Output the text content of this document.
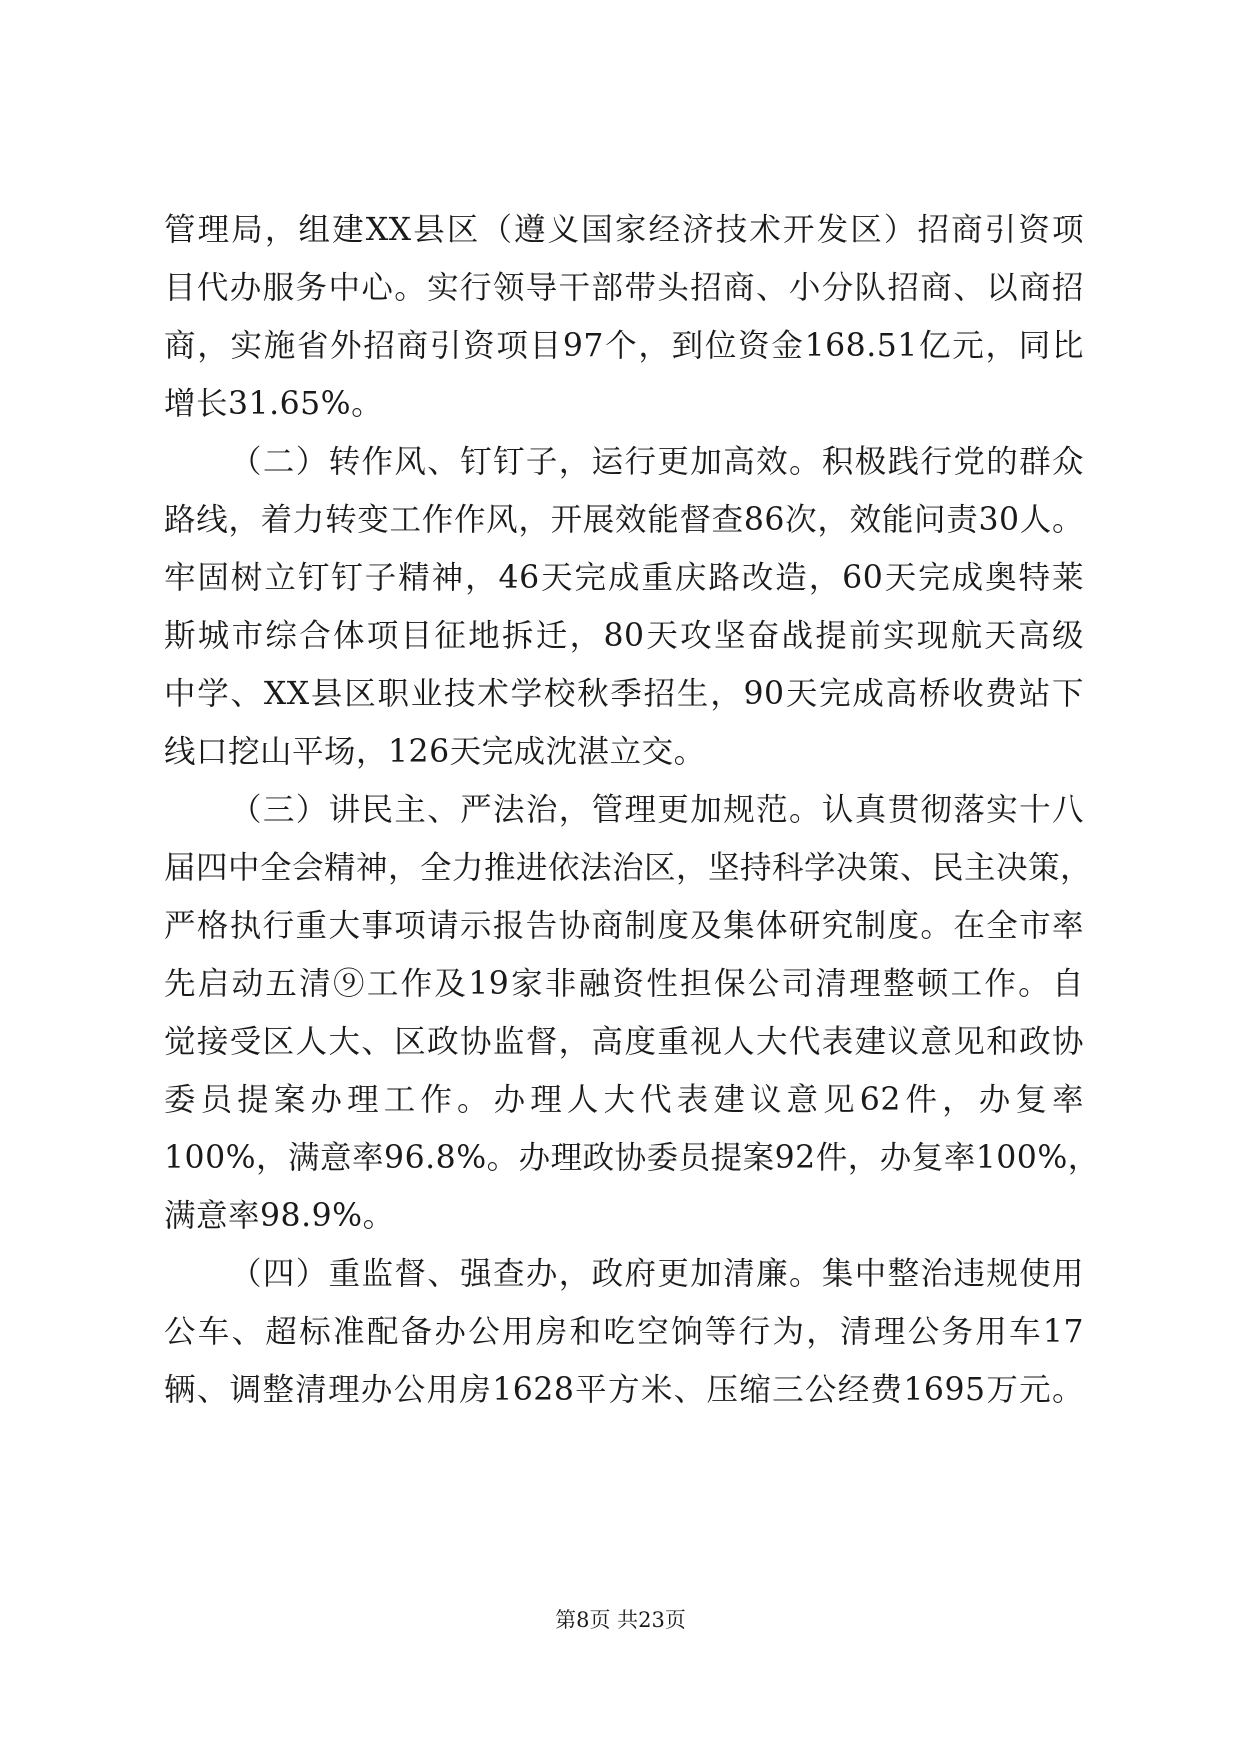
管理局，组建XX县区（遵义国家经济技术开发区）招商引资项
目代办服务中心。实行领导干部带头招商、小分队招商、以商招
商，实施省外招商引资项目97个，到位资金168.51亿元，同比
增长31.65%。
（二）转作风、钉钉子，运行更加高效。积极践行党的群众
路线，着力转变工作作风，开展效能督查86次，效能问责30人。
牢固树立钉钉子精神，46天完成重庆路改造，60天完成奥特莱
斯城市综合体项目征地拆迁，80天攻坚奋战提前实现航天高级
中学、XX县区职业技术学校秋季招生，90天完成高桥收费站下
线口挖山平场，126天完成沈湛立交。
（三）讲民主、严法治，管理更加规范。认真贯彻落实十八
届四中全会精神，全力推进依法治区，坚持科学决策、民主决策，
严格执行重大事项请示报告协商制度及集体研究制度。在全市率
先启动五清⑨工作及19家非融资性担保公司清理整顿工作。自
觉接受区人大、区政协监督，高度重视人大代表建议意见和政协
委员提案办理工作。办理人大代表建议意见62件，办复率
100%，满意率96.8%。办理政协委员提案92件，办复率100%，
满意率98.9%。
（四）重监督、强查办，政府更加清廉。集中整治违规使用
公车、超标准配备办公用房和吃空饷等行为，清理公务用车17
辆、调整清理办公用房1628平方米、压缩三公经费1695万元。
第8页 共23页
